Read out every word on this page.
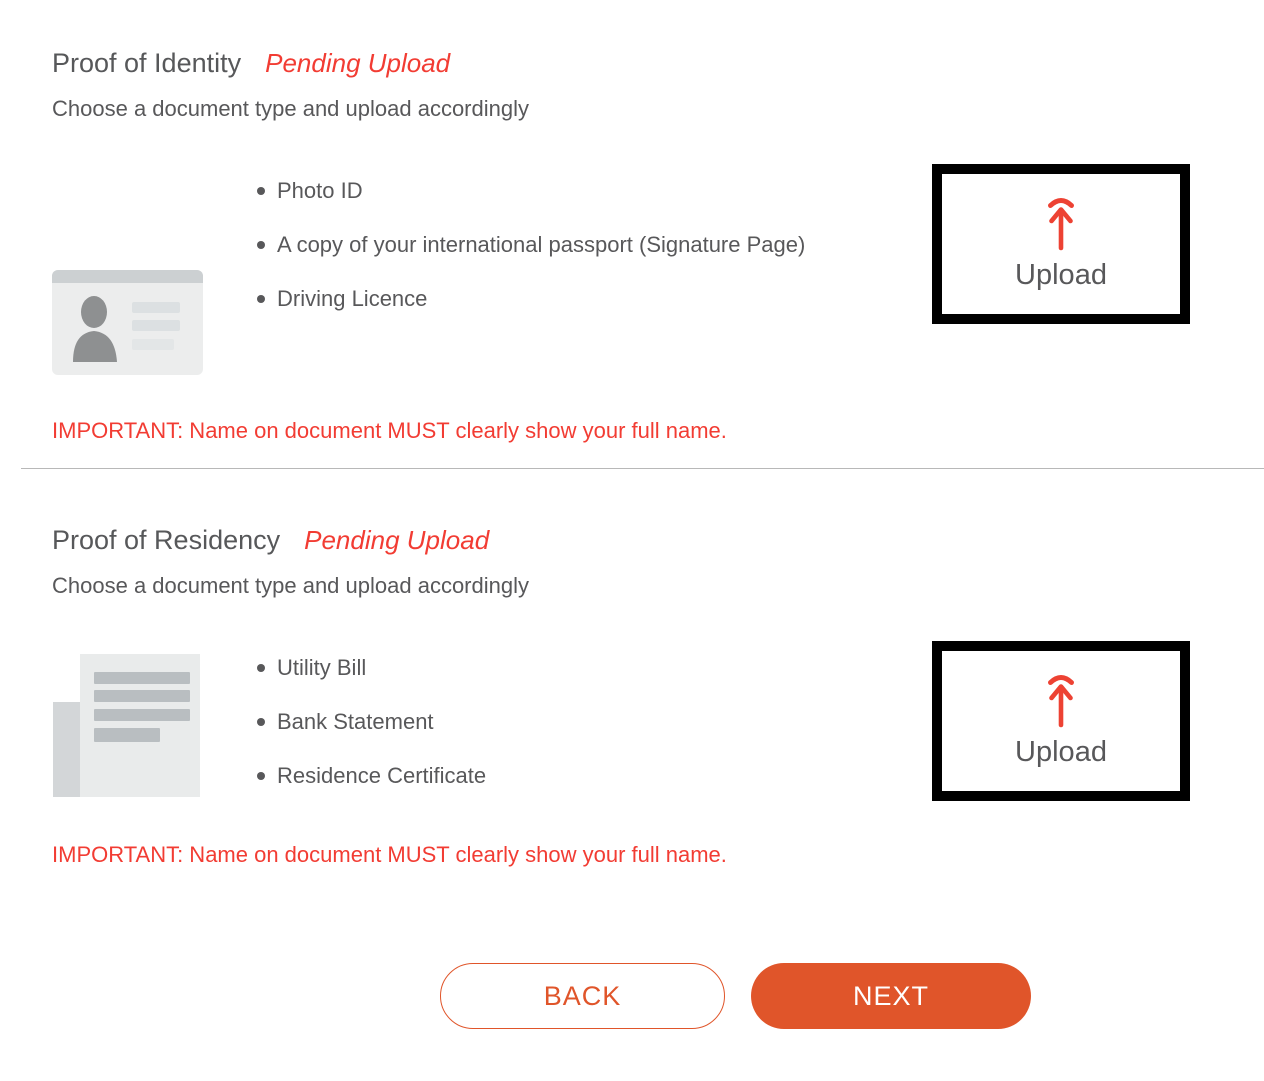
Proof of Identity Pending Upload
Choose a document type and upload accordingly
Photo ID
A copy of your international passport (Signature Page)
Driving Licence
Upload
IMPORTANT: Name on document MUST clearly show your full name.
Proof of Residency Pending Upload
Choose a document type and upload accordingly
Utility Bill
Bank Statement
Residence Certificate
Upload
IMPORTANT: Name on document MUST clearly show your full name.
BACK	NEXT
